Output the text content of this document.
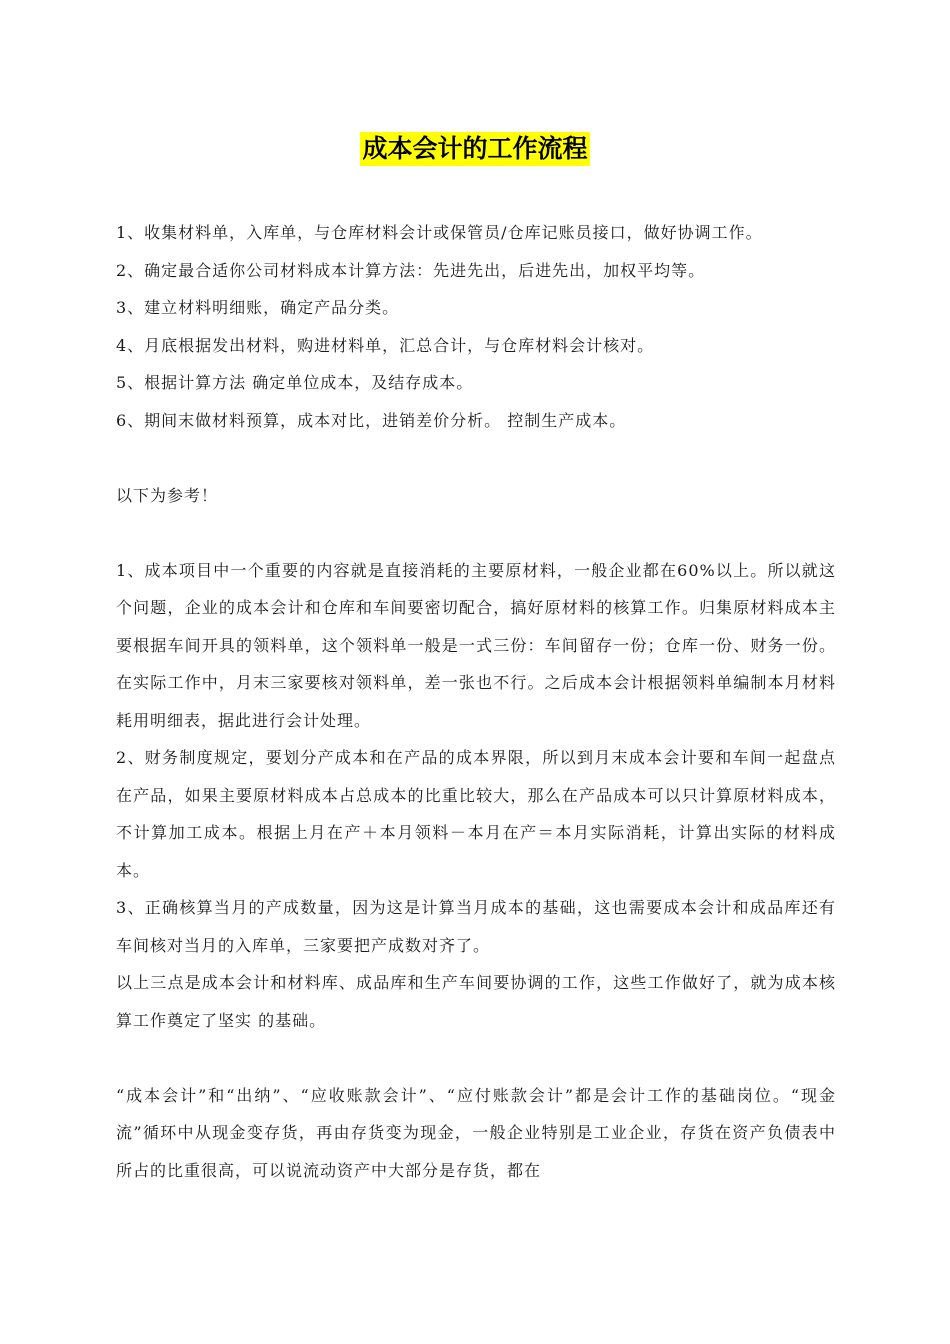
成本会计的工作流程

1、收集材料单，入库单，与仓库材料会计或保管员/仓库记账员接口，做好协调工作。

2、确定最合适你公司材料成本计算方法：先进先出，后进先出，加权平均等。

3、建立材料明细账，确定产品分类。

4、月底根据发出材料，购进材料单，汇总合计，与仓库材料会计核对。

5、根据计算方法 确定单位成本，及结存成本。

6、期间末做材料预算，成本对比，进销差价分析。 控制生产成本。

以下为参考！

1、成本项目中一个重要的内容就是直接消耗的主要原材料，一般企业都在60%以上。所以就这个问题，企业的成本会计和仓库和车间要密切配合，搞好原材料的核算工作。归集原材料成本主要根据车间开具的领料单，这个领料单一般是一式三份：车间留存一份；仓库一份、财务一份。在实际工作中，月末三家要核对领料单，差一张也不行。之后成本会计根据领料单编制本月材料耗用明细表，据此进行会计处理。

2、财务制度规定，要划分产成本和在产品的成本界限，所以到月末成本会计要和车间一起盘点在产品，如果主要原材料成本占总成本的比重比较大，那么在产品成本可以只计算原材料成本，不计算加工成本。根据上月在产＋本月领料－本月在产＝本月实际消耗，计算出实际的材料成本。

3、正确核算当月的产成数量，因为这是计算当月成本的基础，这也需要成本会计和成品库还有车间核对当月的入库单，三家要把产成数对齐了。

以上三点是成本会计和材料库、成品库和生产车间要协调的工作，这些工作做好了，就为成本核算工作奠定了坚实 的基础。

“成本会计”和“出纳”、“应收账款会计”、“应付账款会计”都是会计工作的基础岗位。“现金流”循环中从现金变存货，再由存货变为现金，一般企业特别是工业企业，存货在资产负债表中所占的比重很高，可以说流动资产中大部分是存货，都在
